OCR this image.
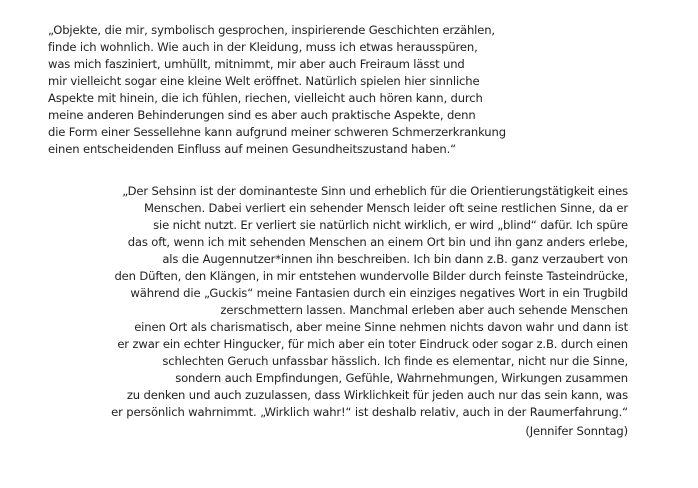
„Objekte, die mir, symbolisch gesprochen, inspirierende Geschichten erzählen,
finde ich wohnlich. Wie auch in der Kleidung, muss ich etwas herausspüren,
was mich fasziniert, umhüllt, mitnimmt, mir aber auch Freiraum lässt und
mir vielleicht sogar eine kleine Welt eröffnet. Natürlich spielen hier sinnliche
Aspekte mit hinein, die ich fühlen, riechen, vielleicht auch hören kann, durch
meine anderen Behinderungen sind es aber auch praktische Aspekte, denn
die Form einer Sessellehne kann aufgrund meiner schweren Schmerzerkrankung
einen entscheidenden Einfluss auf meinen Gesundheitszustand haben.“
„Der Sehsinn ist der dominanteste Sinn und erheblich für die Orientierungstätigkeit eines
Menschen. Dabei verliert ein sehender Mensch leider oft seine restlichen Sinne, da er
sie nicht nutzt. Er verliert sie natürlich nicht wirklich, er wird „blind“ dafür. Ich spüre
das oft, wenn ich mit sehenden Menschen an einem Ort bin und ihn ganz anders erlebe,
als die Augennutzer*innen ihn beschreiben. Ich bin dann z.B. ganz verzaubert von
den Düften, den Klängen, in mir entstehen wundervolle Bilder durch feinste Tasteindrücke,
während die „Guckis“ meine Fantasien durch ein einziges negatives Wort in ein Trugbild
zerschmettern lassen. Manchmal erleben aber auch sehende Menschen
einen Ort als charismatisch, aber meine Sinne nehmen nichts davon wahr und dann ist
er zwar ein echter Hingucker, für mich aber ein toter Eindruck oder sogar z.B. durch einen
schlechten Geruch unfassbar hässlich. Ich finde es elementar, nicht nur die Sinne,
sondern auch Empfindungen, Gefühle, Wahrnehmungen, Wirkungen zusammen
zu denken und auch zuzulassen, dass Wirklichkeit für jeden auch nur das sein kann, was
er persönlich wahrnimmt. „Wirklich wahr!“ ist deshalb relativ, auch in der Raumerfahrung.“
(Jennifer Sonntag)
